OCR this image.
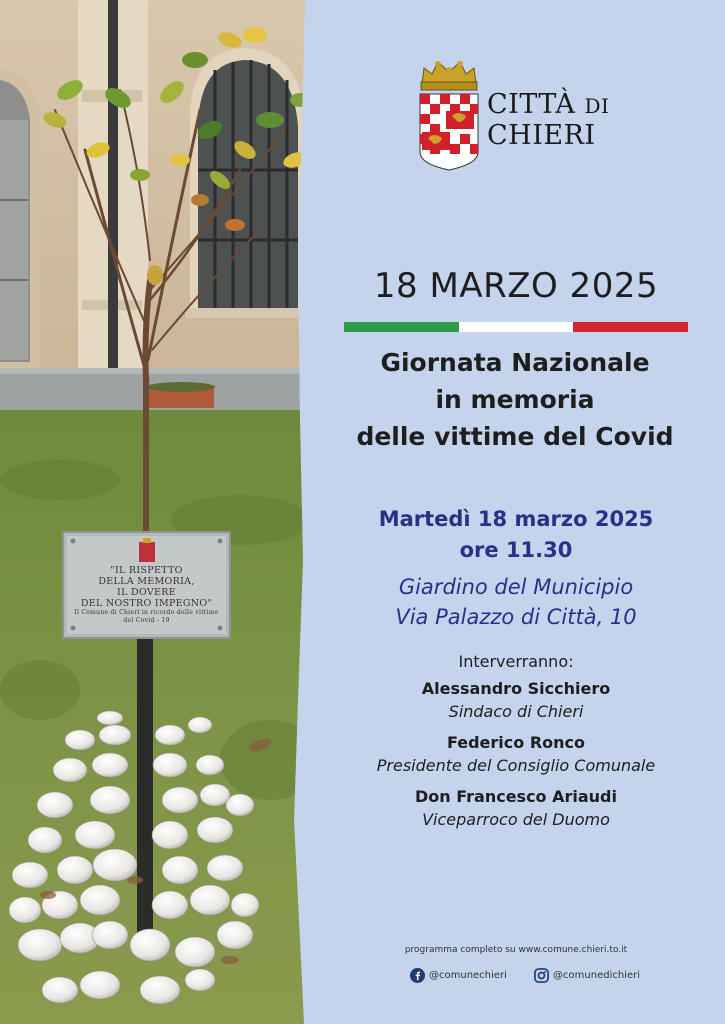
"IL RISPETTO
DELLA MEMORIA,
IL DOVERE
DEL NOSTRO IMPEGNO"
Il Comune di Chieri in ricordo delle vittime
del Covid - 19
CITTÀ DI
CHIERI
18 MARZO 2025
Giornata Nazionale
in memoria
delle vittime del Covid
Martedì 18 marzo 2025
ore 11.30
Giardino del Municipio
Via Palazzo di Città, 10
Interverranno:
Alessandro Sicchiero
Sindaco di Chieri
Federico Ronco
Presidente del Consiglio Comunale
Don Francesco Ariaudi
Viceparroco del Duomo
programma completo su www.comune.chieri.to.it
@comunechieri	@comunedichieri
